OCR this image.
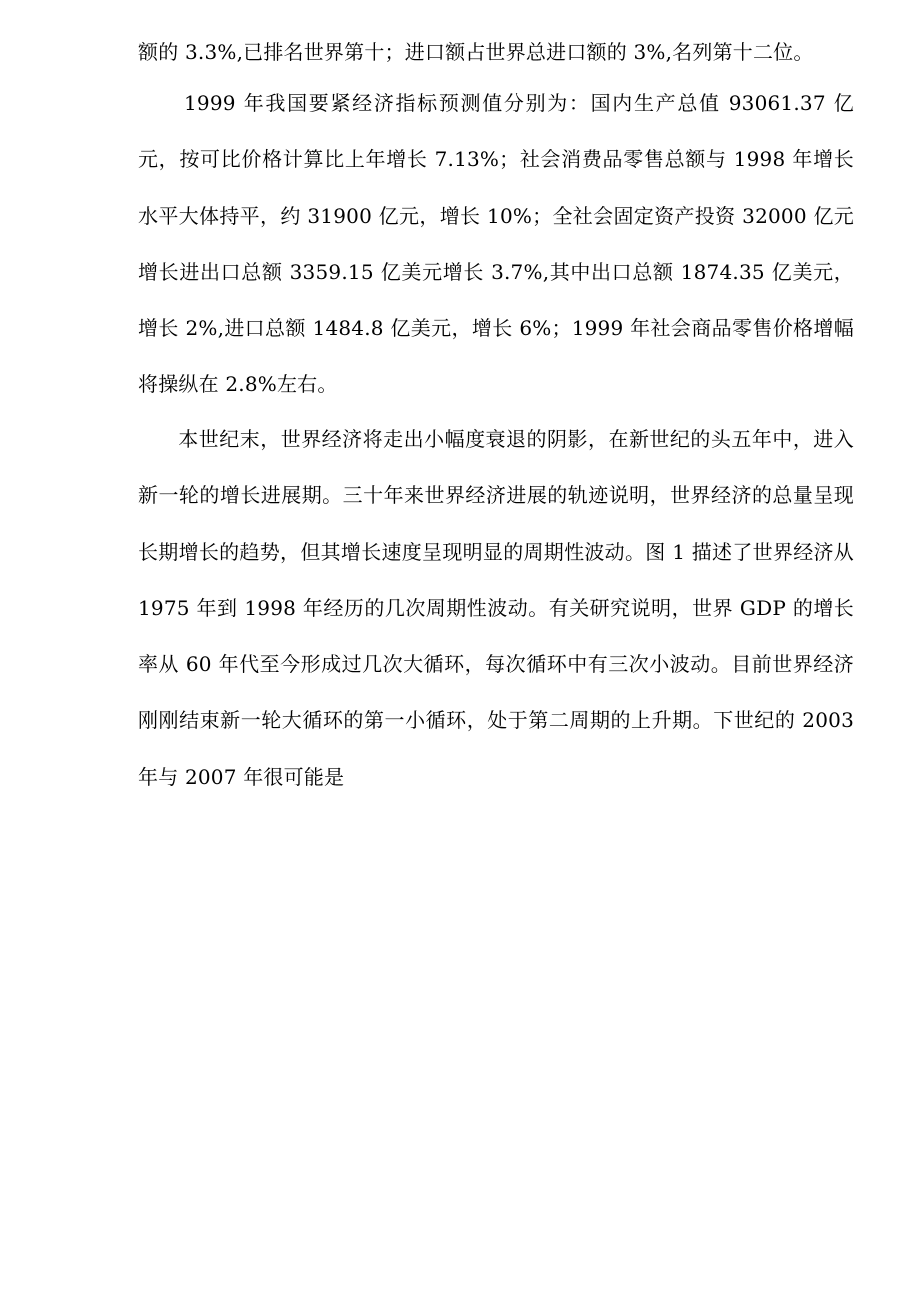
额的 3.3%,已排名世界第十；进口额占世界总进口额的 3%,名列第十二位。

1999 年我国要紧经济指标预测值分别为：国内生产总值 93061.37 亿元，按可比价格计算比上年增长 7.13%；社会消费品零售总额与 1998 年增长水平大体持平，约 31900 亿元，增长 10%；全社会固定资产投资 32000 亿元增长进出口总额 3359.15 亿美元增长 3.7%,其中出口总额 1874.35 亿美元，增长 2%,进口总额 1484.8 亿美元，增长 6%；1999 年社会商品零售价格增幅将操纵在 2.8%左右。

本世纪末，世界经济将走出小幅度衰退的阴影，在新世纪的头五年中，进入新一轮的增长进展期。三十年来世界经济进展的轨迹说明，世界经济的总量呈现长期增长的趋势，但其增长速度呈现明显的周期性波动。图 1 描述了世界经济从 1975 年到 1998 年经历的几次周期性波动。有关研究说明，世界 GDP 的增长率从 60 年代至今形成过几次大循环，每次循环中有三次小波动。目前世界经济刚刚结束新一轮大循环的第一小循环，处于第二周期的上升期。下世纪的 2003 年与 2007 年很可能是
